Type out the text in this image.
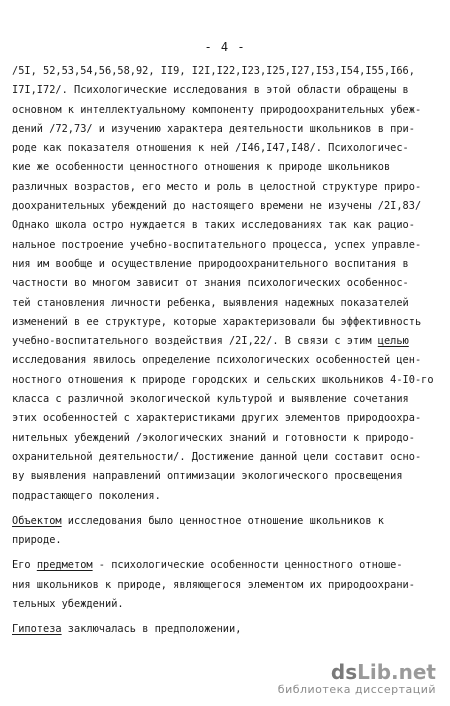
- 4 -
/5I, 52,53,54,56,58,92, II9, I2I,I22,I23,I25,I27,I53,I54,I55,I66,
I7I,I72/. Психологические исследования в этой области обращены в
основном к интеллектуальному компоненту природоохранительных убеж-
дений /72,73/ и изучению характера деятельности школьников в при-
роде как показателя отношения к ней /I46,I47,I48/. Психологичес-
кие же особенности ценностного отношения к природе школьников
различных возрастов, его место и роль в целостной структуре приро-
доохранительных убеждений до настоящего времени не изучены /2I,83/
Однако школа остро нуждается в таких исследованиях так как рацио-
нальное построение учебно-воспитательного процесса, успех управле-
ния им вообще и осуществление природоохранительного воспитания в
частности во многом зависит от знания психологических особеннос-
тей становления личности ребенка, выявления надежных показателей
изменений в ее структуре, которые характеризовали бы эффективность
учебно-воспитательного воздействия /2I,22/. В связи с этим целью
исследования явилось определение психологических особенностей цен-
ностного отношения к природе городских и сельских школьников 4-I0-го
класса с различной экологической культурой и выявление сочетания
этих особенностей с характеристиками других элементов природоохра-
нительных убеждений /экологических знаний и готовности к природо-
охранительной деятельности/. Достижение данной цели составит осно-
ву выявления направлений оптимизации экологического просвещения
подрастающего поколения.
Объектом исследования было ценностное отношение школьников к
природе.
Его предметом - психологические особенности ценностного отноше-
ния школьников к природе, являющегося элементом их природоохрани-
тельных убеждений.
Гипотеза заключалась в предположении,
dsLib.net
библиотека диссертаций
